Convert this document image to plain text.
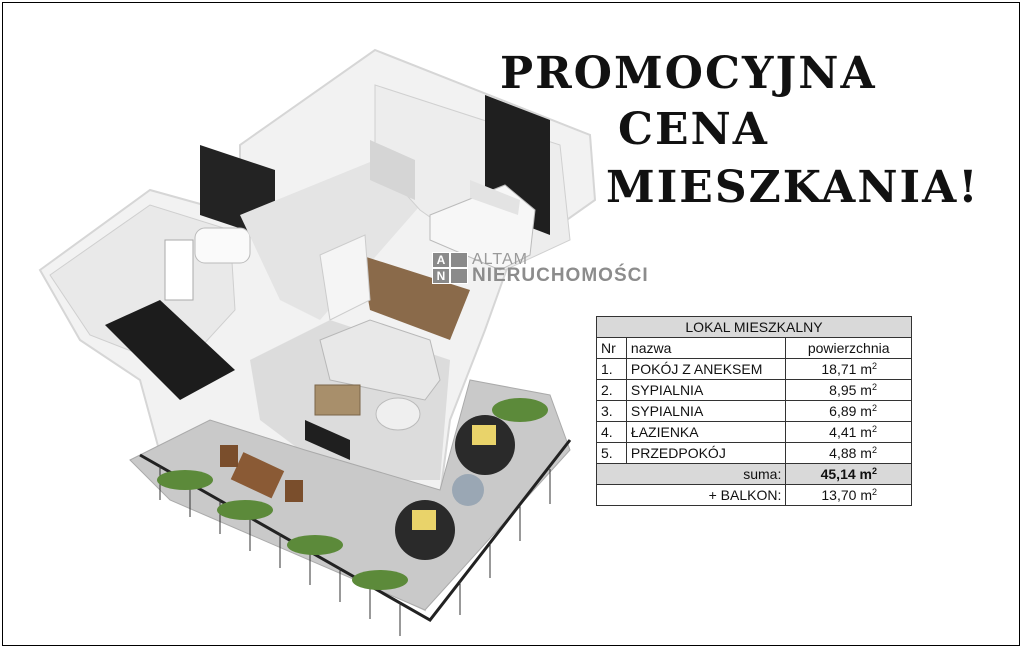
PROMOCYJNA
CENA
MIESZKANIA!
A
N
ALTAM
NIERUCHOMOŚCI
LOKAL MIESZKALNY		
Nr	nazwa	powierzchnia
1.	POKÓJ Z ANEKSEM	18,71 $m^2$
2.	SYPIALNIA	8,95 $m^2$
3.	SYPIALNIA	6,89 $m^2$
4.	ŁAZIENKA	4,41 $m^2$
5.	PRZEDPOKÓJ	4,88 $m^2$
suma:		45,14 $m^2$
+ BALKON:		13,70 $m^2$
